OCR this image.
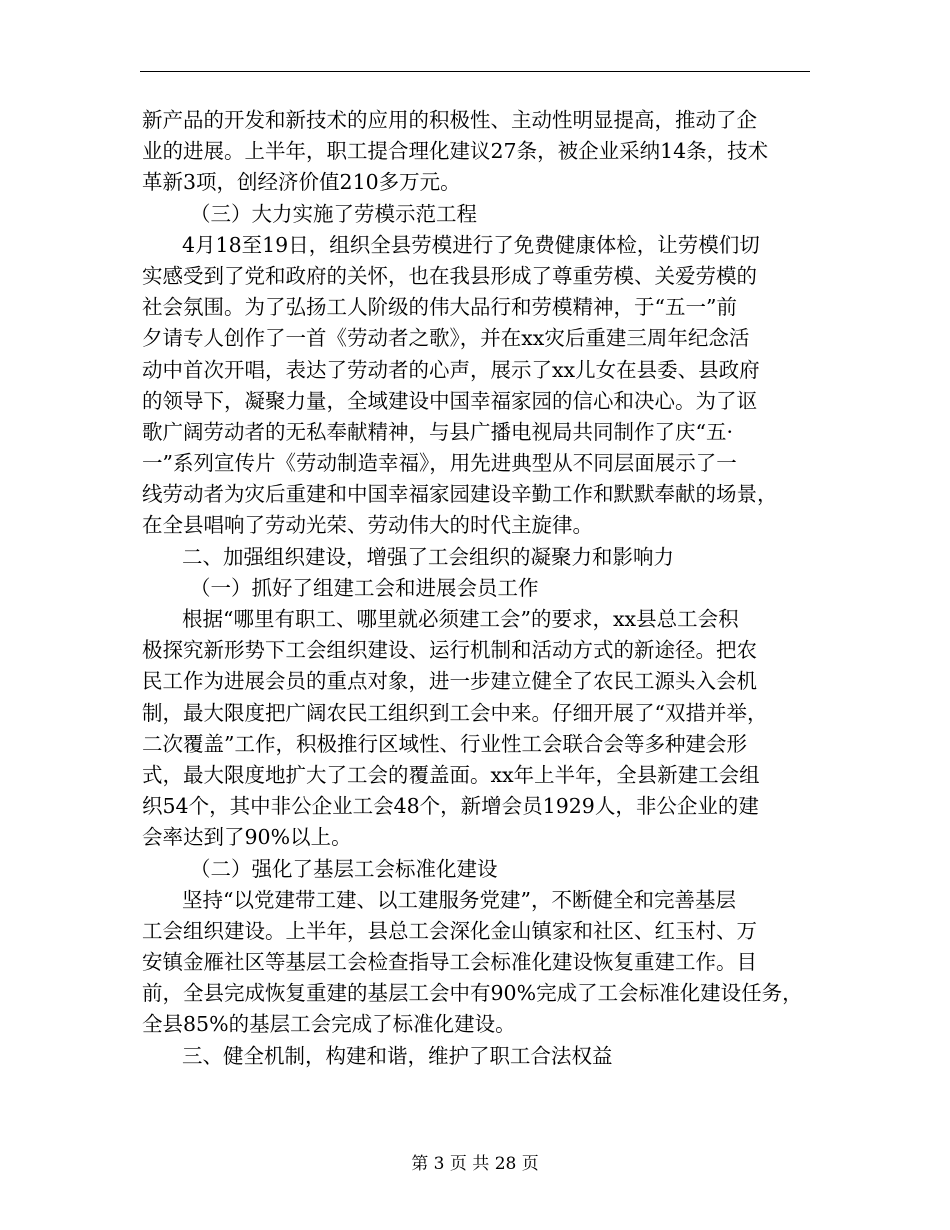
新产品的开发和新技术的应用的积极性、主动性明显提高，推动了企
业的进展。上半年，职工提合理化建议27条，被企业采纳14条，技术
革新3项，创经济价值210多万元。
（三）大力实施了劳模示范工程
4月18至19日，组织全县劳模进行了免费健康体检，让劳模们切
实感受到了党和政府的关怀，也在我县形成了尊重劳模、关爱劳模的
社会氛围。为了弘扬工人阶级的伟大品行和劳模精神，于“五一”前
夕请专人创作了一首《劳动者之歌》，并在xx灾后重建三周年纪念活
动中首次开唱，表达了劳动者的心声，展示了xx儿女在县委、县政府
的领导下，凝聚力量，全域建设中国幸福家园的信心和决心。为了讴
歌广阔劳动者的无私奉献精神，与县广播电视局共同制作了庆“五·
一”系列宣传片《劳动制造幸福》，用先进典型从不同层面展示了一
线劳动者为灾后重建和中国幸福家园建设辛勤工作和默默奉献的场景，
在全县唱响了劳动光荣、劳动伟大的时代主旋律。
二、加强组织建设，增强了工会组织的凝聚力和影响力
（一）抓好了组建工会和进展会员工作
根据“哪里有职工、哪里就必须建工会”的要求，xx县总工会积
极探究新形势下工会组织建设、运行机制和活动方式的新途径。把农
民工作为进展会员的重点对象，进一步建立健全了农民工源头入会机
制，最大限度把广阔农民工组织到工会中来。仔细开展了“双措并举，
二次覆盖”工作，积极推行区域性、行业性工会联合会等多种建会形
式，最大限度地扩大了工会的覆盖面。xx年上半年，全县新建工会组
织54个，其中非公企业工会48个，新增会员1929人，非公企业的建
会率达到了90%以上。
（二）强化了基层工会标准化建设
坚持“以党建带工建、以工建服务党建”，不断健全和完善基层
工会组织建设。上半年，县总工会深化金山镇家和社区、红玉村、万
安镇金雁社区等基层工会检查指导工会标准化建设恢复重建工作。目
前，全县完成恢复重建的基层工会中有90%完成了工会标准化建设任务，
全县85%的基层工会完成了标准化建设。
三、健全机制，构建和谐，维护了职工合法权益
第 3 页 共 28 页
